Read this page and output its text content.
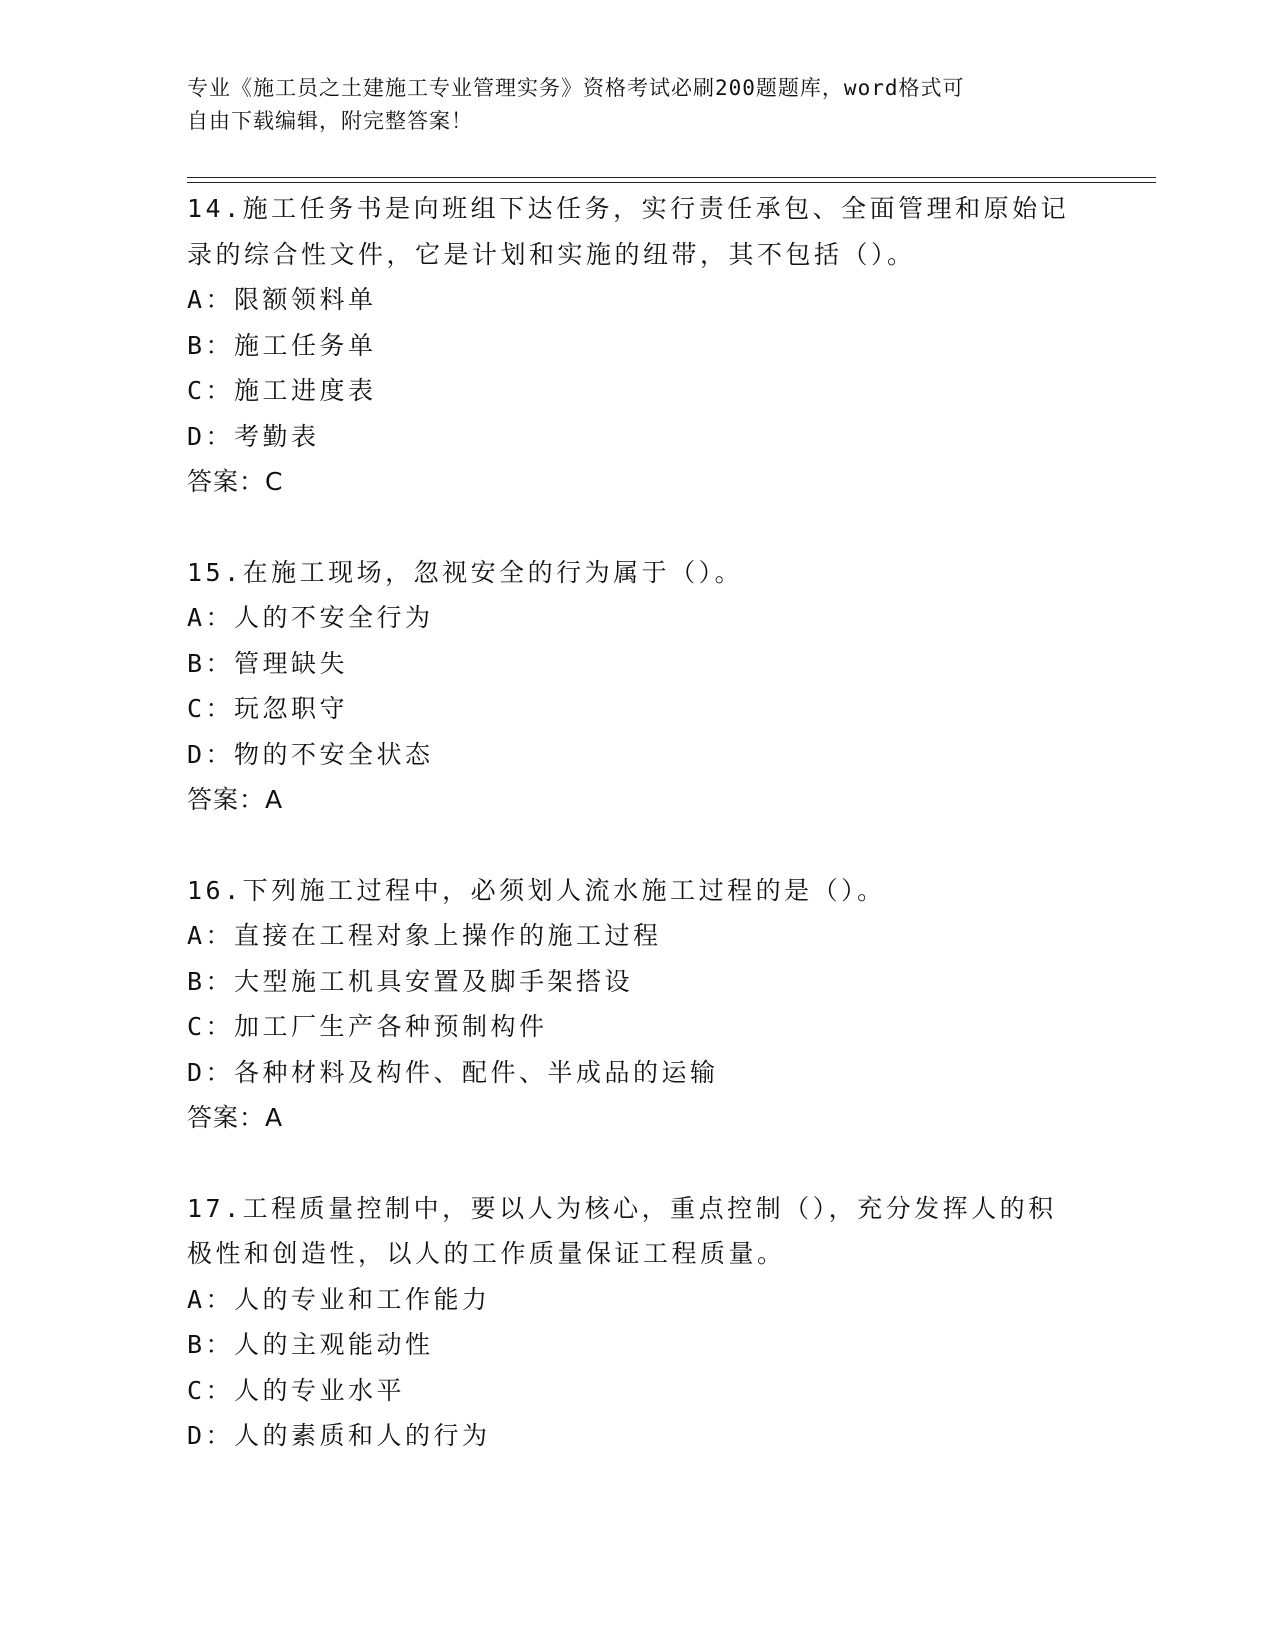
专业《施工员之土建施工专业管理实务》资格考试必刷200题题库，word格式可
自由下载编辑，附完整答案！
14.施工任务书是向班组下达任务，实行责任承包、全面管理和原始记录的综合性文件，它是计划和实施的纽带，其不包括（）。
A：限额领料单
B：施工任务单
C：施工进度表
D：考勤表
答案：C
15.在施工现场，忽视安全的行为属于（）。
A：人的不安全行为
B：管理缺失
C：玩忽职守
D：物的不安全状态
答案：A
16.下列施工过程中，必须划人流水施工过程的是（）。
A：直接在工程对象上操作的施工过程
B：大型施工机具安置及脚手架搭设
C：加工厂生产各种预制构件
D：各种材料及构件、配件、半成品的运输
答案：A
17.工程质量控制中，要以人为核心，重点控制（），充分发挥人的积极性和创造性，以人的工作质量保证工程质量。
A：人的专业和工作能力
B：人的主观能动性
C：人的专业水平
D：人的素质和人的行为
